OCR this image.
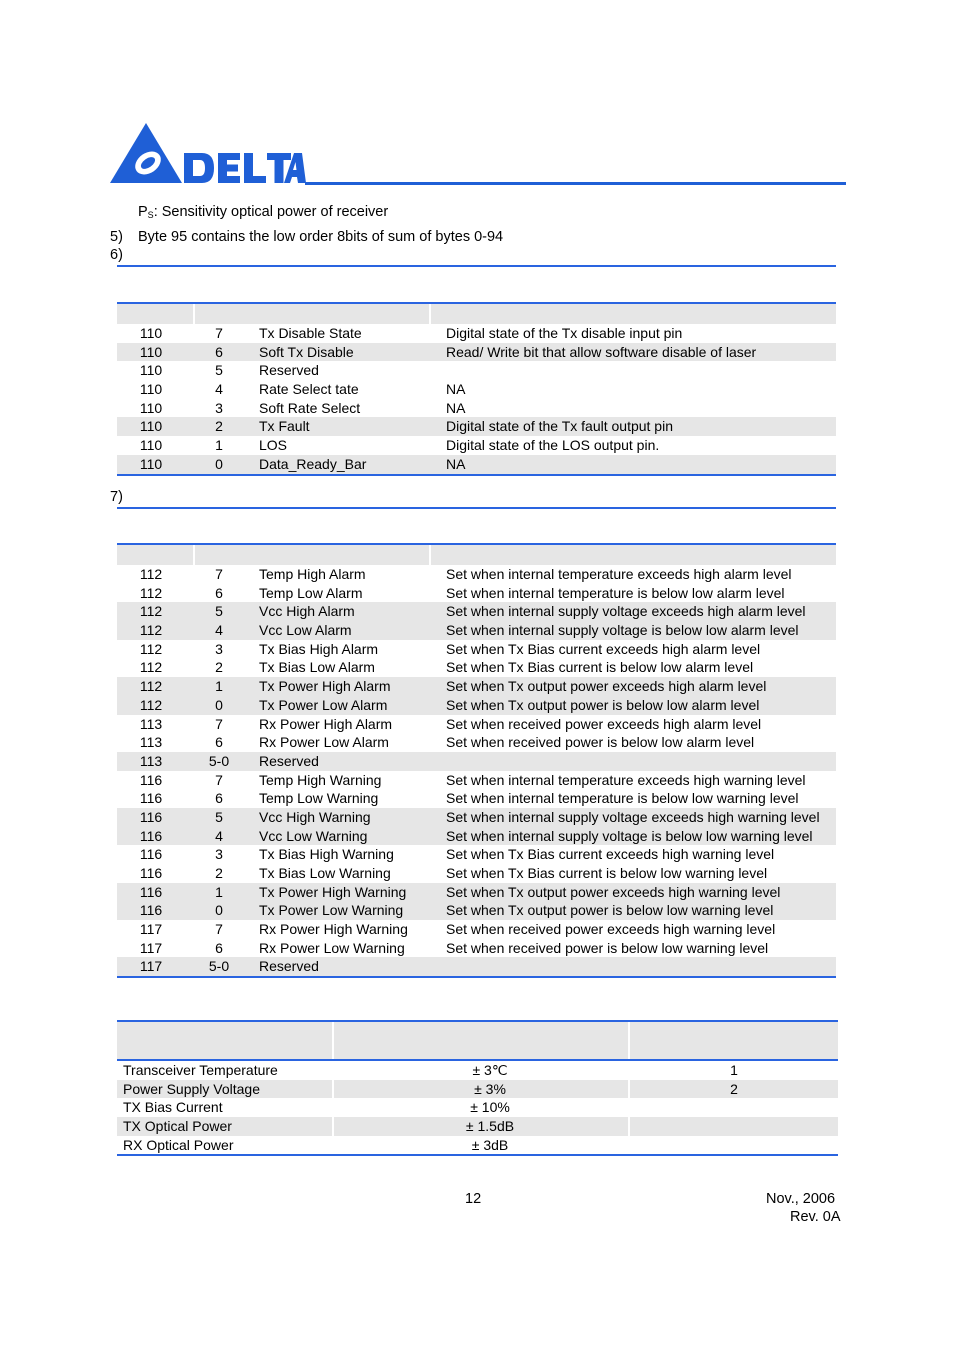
$P_S$: Sensitivity optical power of receiver
5) Byte 95 contains the low order 8bits of sum of bytes 0-94
6)
110	7	Tx Disable State	Digital state of the Tx disable input pin
110	6	Soft Tx Disable	Read/ Write bit that allow software disable of laser
110	5	Reserved
110	4	Rate Select tate	NA
110	3	Soft Rate Select	NA
110	2	Tx Fault	Digital state of the Tx fault output pin
110	1	LOS	Digital state of the LOS output pin.
110	0	Data_Ready_Bar	NA
7)
112	7	Temp High Alarm	Set when internal temperature exceeds high alarm level
112	6	Temp Low Alarm	Set when internal temperature is below low alarm level
112	5	Vcc High Alarm	Set when internal supply voltage exceeds high alarm level
112	4	Vcc Low Alarm	Set when internal supply voltage is below low alarm level
112	3	Tx Bias High Alarm	Set when Tx Bias current exceeds high alarm level
112	2	Tx Bias Low Alarm	Set when Tx Bias current is below low alarm level
112	1	Tx Power High Alarm	Set when Tx output power exceeds high alarm level
112	0	Tx Power Low Alarm	Set when Tx output power is below low alarm level
113	7	Rx Power High Alarm	Set when received power exceeds high alarm level
113	6	Rx Power Low Alarm	Set when received power is below low alarm level
113	5-0	Reserved
116	7	Temp High Warning	Set when internal temperature exceeds high warning level
116	6	Temp Low Warning	Set when internal temperature is below low warning level
116	5	Vcc High Warning	Set when internal supply voltage exceeds high warning level
116	4	Vcc Low Warning	Set when internal supply voltage is below low warning level
116	3	Tx Bias High Warning	Set when Tx Bias current exceeds high warning level
116	2	Tx Bias Low Warning	Set when Tx Bias current is below low warning level
116	1	Tx Power High Warning	Set when Tx output power exceeds high warning level
116	0	Tx Power Low Warning	Set when Tx output power is below low warning level
117	7	Rx Power High Warning	Set when received power exceeds high warning level
117	6	Rx Power Low Warning	Set when received power is below low warning level
117	5-0	Reserved
Transceiver Temperature	± 3℃	1
Power Supply Voltage	± 3%	2
TX Bias Current	± 10%
TX Optical Power	± 1.5dB
RX Optical Power	± 3dB
12	Nov., 2006
Rev. 0A
